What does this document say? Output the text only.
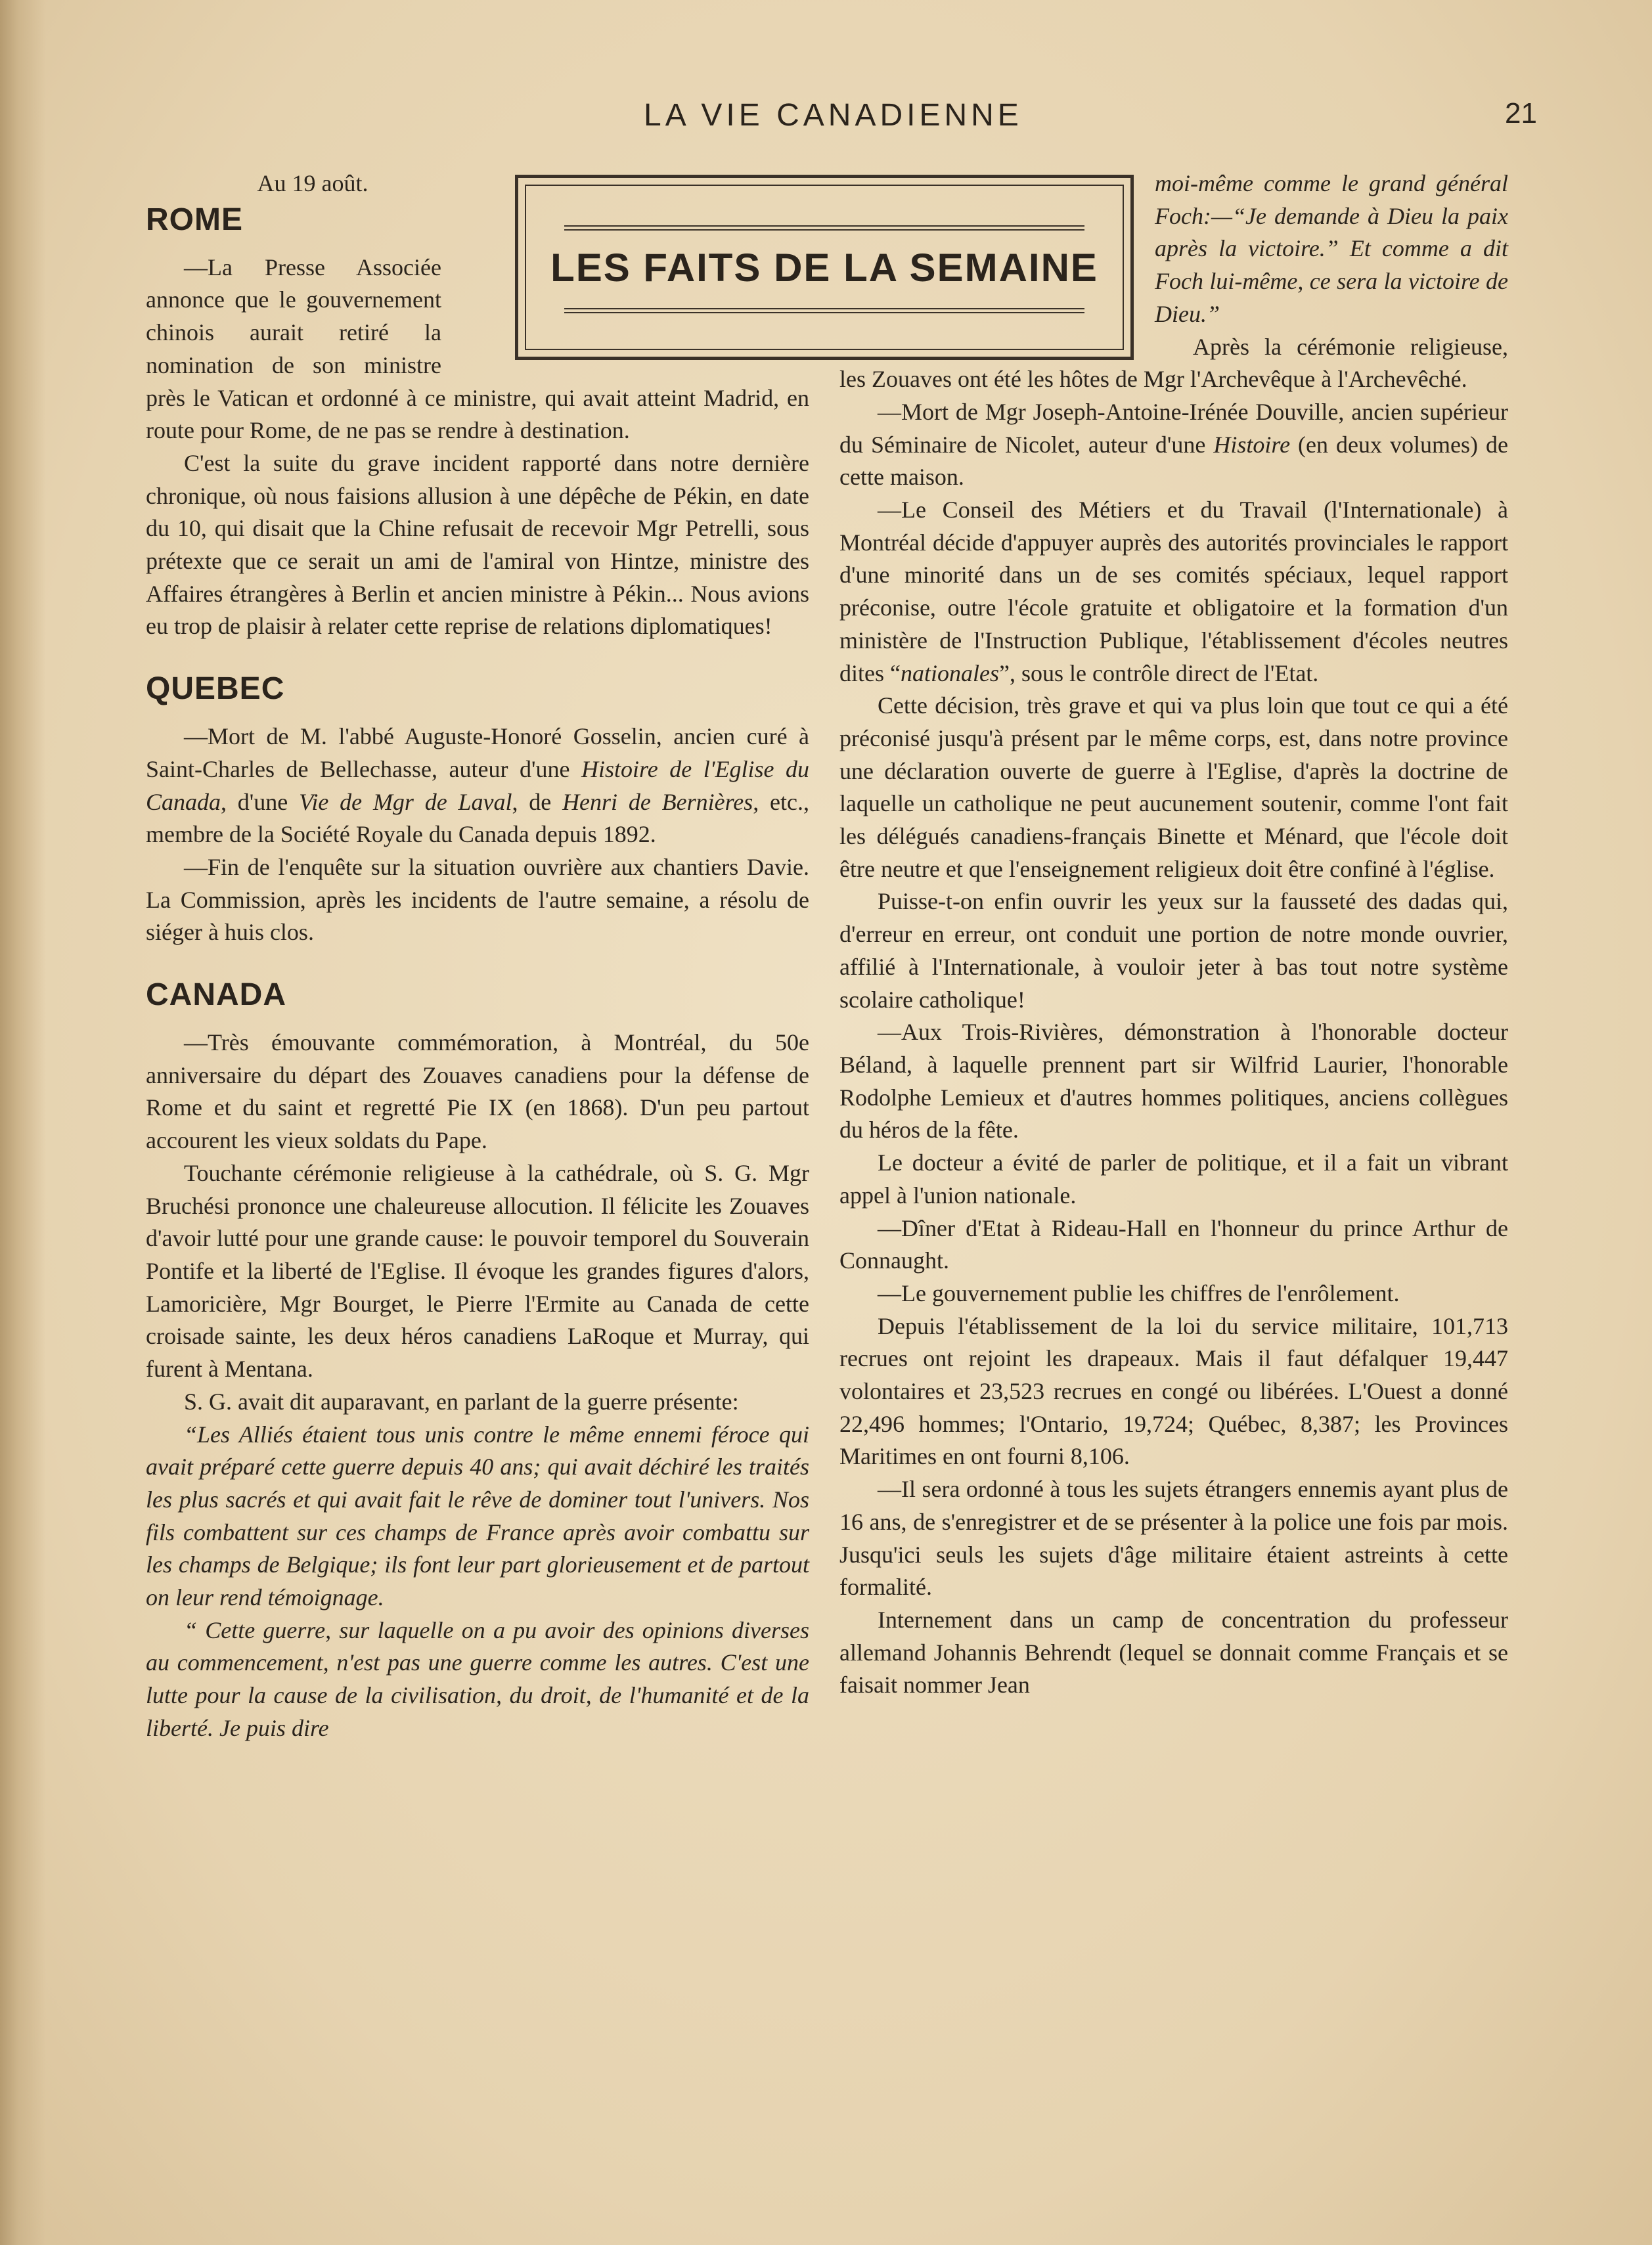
LA VIE CANADIENNE	21
LES FAITS DE LA SEMAINE

Au 19 août.

ROME

—La Presse Associée annonce que le gouvernement chinois aurait retiré la nomination de son ministre près le Vatican et ordonné à ce ministre, qui avait atteint Madrid, en route pour Rome, de ne pas se rendre à destination.

C'est la suite du grave incident rapporté dans notre dernière chronique, où nous faisions allusion à une dépêche de Pékin, en date du 10, qui disait que la Chine refusait de recevoir Mgr Petrelli, sous prétexte que ce serait un ami de l'amiral von Hintze, ministre des Affaires étrangères à Berlin et ancien ministre à Pékin... Nous avions eu trop de plaisir à relater cette reprise de relations diplomatiques!

QUEBEC

—Mort de M. l'abbé Auguste-Honoré Gosselin, ancien curé à Saint-Charles de Bellechasse, auteur d'une Histoire de l'Eglise du Canada, d'une Vie de Mgr de Laval, de Henri de Bernières, etc., membre de la Société Royale du Canada depuis 1892.

—Fin de l'enquête sur la situation ouvrière aux chantiers Davie. La Commission, après les incidents de l'autre semaine, a résolu de siéger à huis clos.

CANADA

—Très émouvante commémoration, à Montréal, du 50e anniversaire du départ des Zouaves canadiens pour la défense de Rome et du saint et regretté Pie IX (en 1868). D'un peu partout accourent les vieux soldats du Pape.

Touchante cérémonie religieuse à la cathédrale, où S. G. Mgr Bruchési prononce une chaleureuse allocution. Il félicite les Zouaves d'avoir lutté pour une grande cause: le pouvoir temporel du Souverain Pontife et la liberté de l'Eglise. Il évoque les grandes figures d'alors, Lamoricière, Mgr Bourget, le Pierre l'Ermite au Canada de cette croisade sainte, les deux héros canadiens LaRoque et Murray, qui furent à Mentana.

S. G. avait dit auparavant, en parlant de la guerre présente:

“Les Alliés étaient tous unis contre le même ennemi féroce qui avait préparé cette guerre depuis 40 ans; qui avait déchiré les traités les plus sacrés et qui avait fait le rêve de dominer tout l'univers. Nos fils combattent sur ces champs de France après avoir combattu sur les champs de Belgique; ils font leur part glorieusement et de partout on leur rend témoignage.

“ Cette guerre, sur laquelle on a pu avoir des opinions diverses au commencement, n'est pas une guerre comme les autres. C'est une lutte pour la cause de la civilisation, du droit, de l'humanité et de la liberté. Je puis dire

moi-même comme le grand général Foch:—“Je demande à Dieu la paix après la victoire.” Et comme a dit Foch lui-même, ce sera la victoire de Dieu.”

Après la cérémonie religieuse, les Zouaves ont été les hôtes de Mgr l'Archevêque à l'Archevêché.

—Mort de Mgr Joseph-Antoine-Irénée Douville, ancien supérieur du Séminaire de Nicolet, auteur d'une Histoire (en deux volumes) de cette maison.

—Le Conseil des Métiers et du Travail (l'Internationale) à Montréal décide d'appuyer auprès des autorités provinciales le rapport d'une minorité dans un de ses comités spéciaux, lequel rapport préconise, outre l'école gratuite et obligatoire et la formation d'un ministère de l'Instruction Publique, l'établissement d'écoles neutres dites “nationales”, sous le contrôle direct de l'Etat.

Cette décision, très grave et qui va plus loin que tout ce qui a été préconisé jusqu'à présent par le même corps, est, dans notre province une déclaration ouverte de guerre à l'Eglise, d'après la doctrine de laquelle un catholique ne peut aucunement soutenir, comme l'ont fait les délégués canadiens-français Binette et Ménard, que l'école doit être neutre et que l'enseignement religieux doit être confiné à l'église.

Puisse-t-on enfin ouvrir les yeux sur la fausseté des dadas qui, d'erreur en erreur, ont conduit une portion de notre monde ouvrier, affilié à l'Internationale, à vouloir jeter à bas tout notre système scolaire catholique!

—Aux Trois-Rivières, démonstration à l'honorable docteur Béland, à laquelle prennent part sir Wilfrid Laurier, l'honorable Rodolphe Lemieux et d'autres hommes politiques, anciens collègues du héros de la fête.

Le docteur a évité de parler de politique, et il a fait un vibrant appel à l'union nationale.

—Dîner d'Etat à Rideau-Hall en l'honneur du prince Arthur de Connaught.

—Le gouvernement publie les chiffres de l'enrôlement.

Depuis l'établissement de la loi du service militaire, 101,713 recrues ont rejoint les drapeaux. Mais il faut défalquer 19,447 volontaires et 23,523 recrues en congé ou libérées. L'Ouest a donné 22,496 hommes; l'Ontario, 19,724; Québec, 8,387; les Provinces Maritimes en ont fourni 8,106.

—Il sera ordonné à tous les sujets étrangers ennemis ayant plus de 16 ans, de s'enregistrer et de se présenter à la police une fois par mois. Jusqu'ici seuls les sujets d'âge militaire étaient astreints à cette formalité.

Internement dans un camp de concentration du professeur allemand Johannis Behrendt (lequel se donnait comme Français et se faisait nommer Jean
